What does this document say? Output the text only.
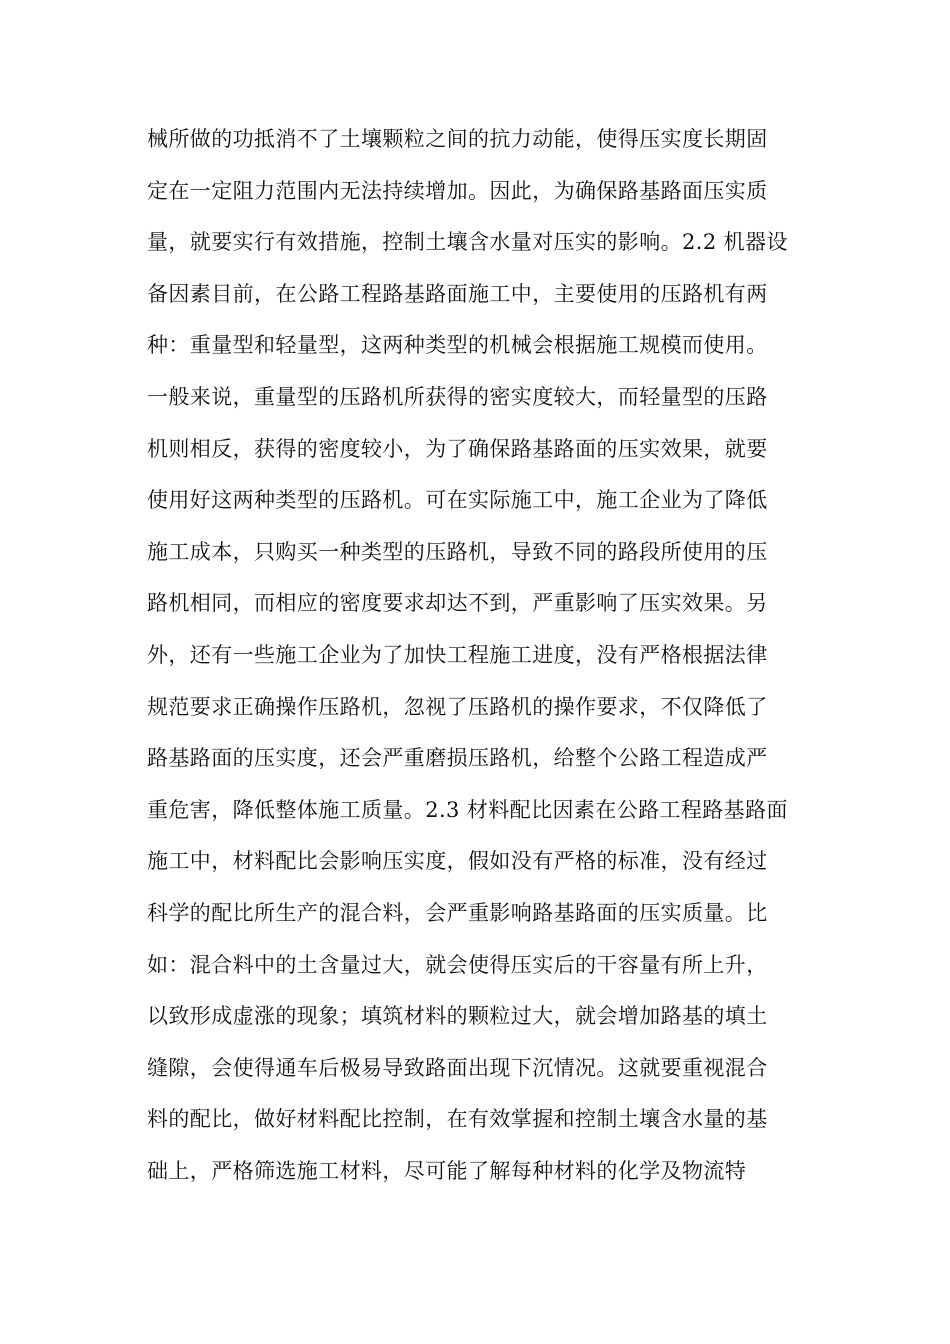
械所做的功抵消不了土壤颗粒之间的抗力动能，使得压实度长期固
定在一定阻力范围内无法持续增加。因此，为确保路基路面压实质
量，就要实行有效措施，控制土壤含水量对压实的影响。2.2 机器设
备因素目前，在公路工程路基路面施工中，主要使用的压路机有两
种：重量型和轻量型，这两种类型的机械会根据施工规模而使用。
一般来说，重量型的压路机所获得的密实度较大，而轻量型的压路
机则相反，获得的密度较小，为了确保路基路面的压实效果，就要
使用好这两种类型的压路机。可在实际施工中，施工企业为了降低
施工成本，只购买一种类型的压路机，导致不同的路段所使用的压
路机相同，而相应的密度要求却达不到，严重影响了压实效果。另
外，还有一些施工企业为了加快工程施工进度，没有严格根据法律
规范要求正确操作压路机，忽视了压路机的操作要求，不仅降低了
路基路面的压实度，还会严重磨损压路机，给整个公路工程造成严
重危害，降低整体施工质量。2.3 材料配比因素在公路工程路基路面
施工中，材料配比会影响压实度，假如没有严格的标准，没有经过
科学的配比所生产的混合料，会严重影响路基路面的压实质量。比
如：混合料中的土含量过大，就会使得压实后的干容量有所上升，
以致形成虚涨的现象；填筑材料的颗粒过大，就会增加路基的填土
缝隙，会使得通车后极易导致路面出现下沉情况。这就要重视混合
料的配比，做好材料配比控制，在有效掌握和控制土壤含水量的基
础上，严格筛选施工材料，尽可能了解每种材料的化学及物流特
